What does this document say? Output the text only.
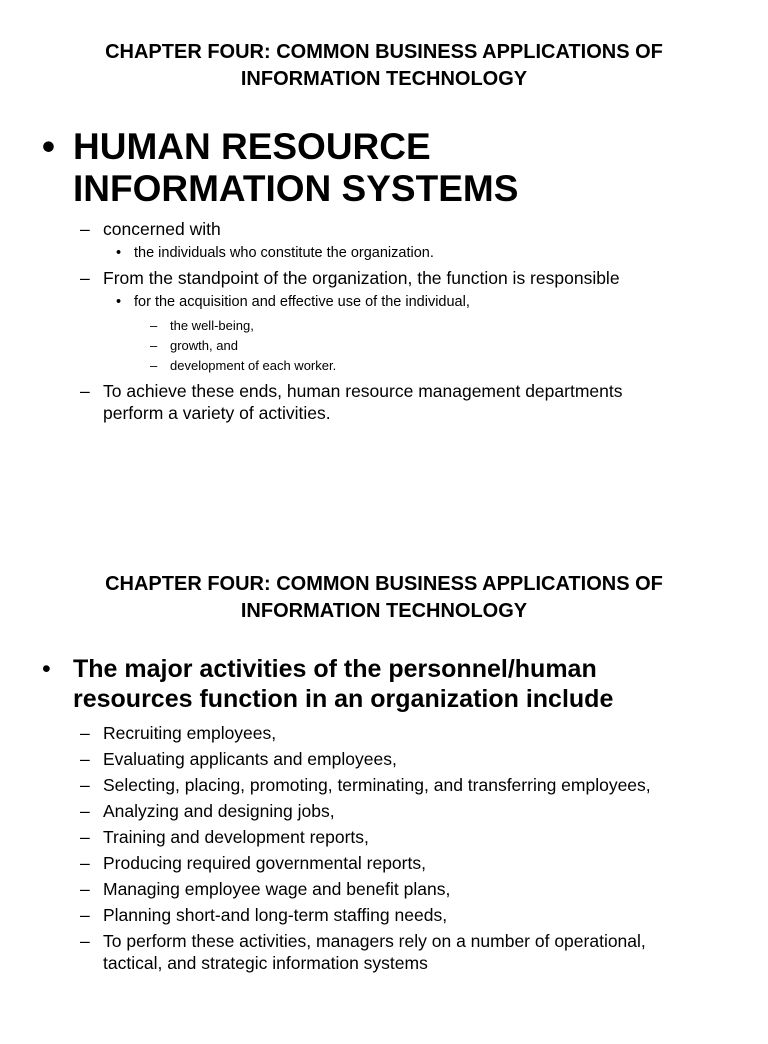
CHAPTER FOUR: COMMON BUSINESS APPLICATIONS OF
INFORMATION TECHNOLOGY
• HUMAN RESOURCE
INFORMATION SYSTEMS
– concerned with
• the individuals who constitute the organization.
– From the standpoint of the organization, the function is responsible
• for the acquisition and effective use of the individual,
– the well-being,
– growth, and
– development of each worker.
– To achieve these ends, human resource management departments
perform a variety of activities.
CHAPTER FOUR: COMMON BUSINESS APPLICATIONS OF
INFORMATION TECHNOLOGY
• The major activities of the personnel/human
resources function in an organization include
– Recruiting employees,
– Evaluating applicants and employees,
– Selecting, placing, promoting, terminating, and transferring employees,
– Analyzing and designing jobs,
– Training and development reports,
– Producing required governmental reports,
– Managing employee wage and benefit plans,
– Planning short-and long-term staffing needs,
– To perform these activities, managers rely on a number of operational,
tactical, and strategic information systems
